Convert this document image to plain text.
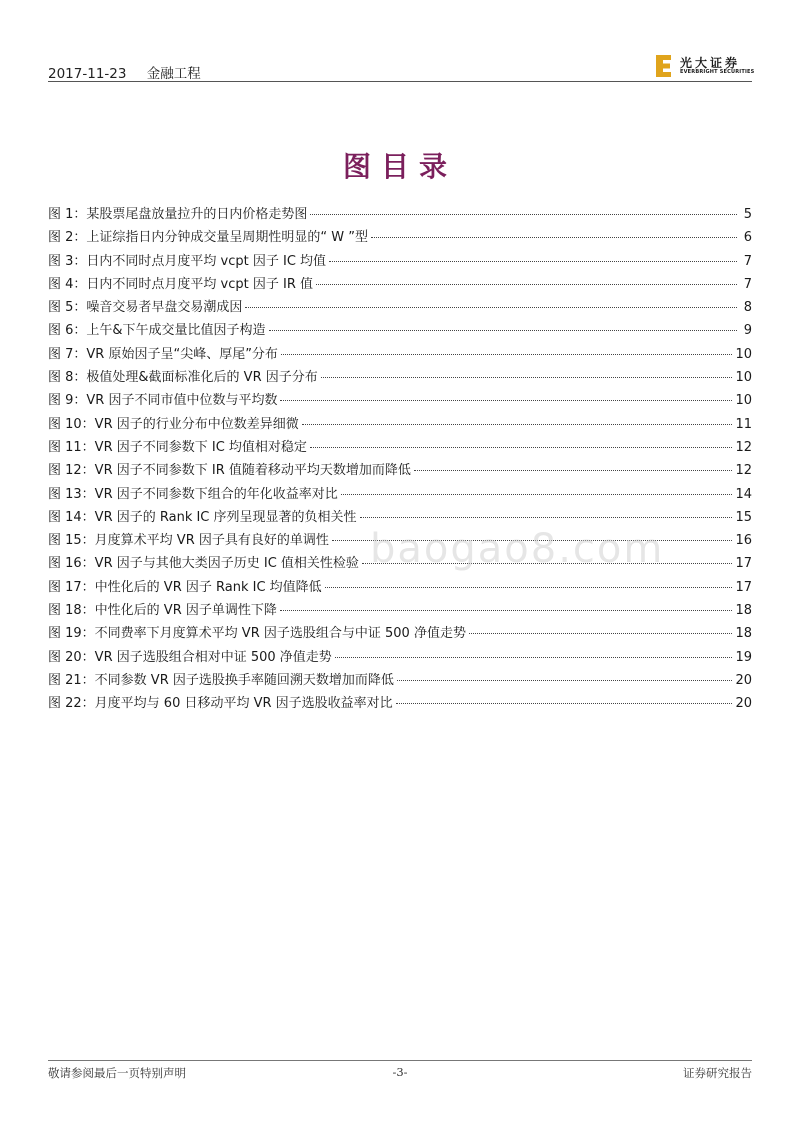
2017-11-23 金融工程
光大证券
EVERBRIGHT SECURITIES
图目录
图 1：某股票尾盘放量拉升的日内价格走势图	5
图 2：上证综指日内分钟成交量呈周期性明显的“ W ”型	6
图 3：日内不同时点月度平均 vcpt 因子 IC 均值	7
图 4：日内不同时点月度平均 vcpt 因子 IR 值	7
图 5：噪音交易者早盘交易潮成因	8
图 6：上午&下午成交量比值因子构造	9
图 7：VR 原始因子呈“尖峰、厚尾”分布	10
图 8：极值处理&截面标准化后的 VR 因子分布	10
图 9：VR 因子不同市值中位数与平均数	10
图 10：VR 因子的行业分布中位数差异细微	11
图 11：VR 因子不同参数下 IC 均值相对稳定	12
图 12：VR 因子不同参数下 IR 值随着移动平均天数增加而降低	12
图 13：VR 因子不同参数下组合的年化收益率对比	14
图 14：VR 因子的 Rank IC 序列呈现显著的负相关性	15
图 15：月度算术平均 VR 因子具有良好的单调性	16
图 16：VR 因子与其他大类因子历史 IC 值相关性检验	17
图 17：中性化后的 VR 因子 Rank IC 均值降低	17
图 18：中性化后的 VR 因子单调性下降	18
图 19：不同费率下月度算术平均 VR 因子选股组合与中证 500 净值走势	18
图 20：VR 因子选股组合相对中证 500 净值走势	19
图 21：不同参数 VR 因子选股换手率随回溯天数增加而降低	20
图 22：月度平均与 60 日移动平均 VR 因子选股收益率对比	20
baogao8.com
敬请参阅最后一页特别声明	-3-	证券研究报告
